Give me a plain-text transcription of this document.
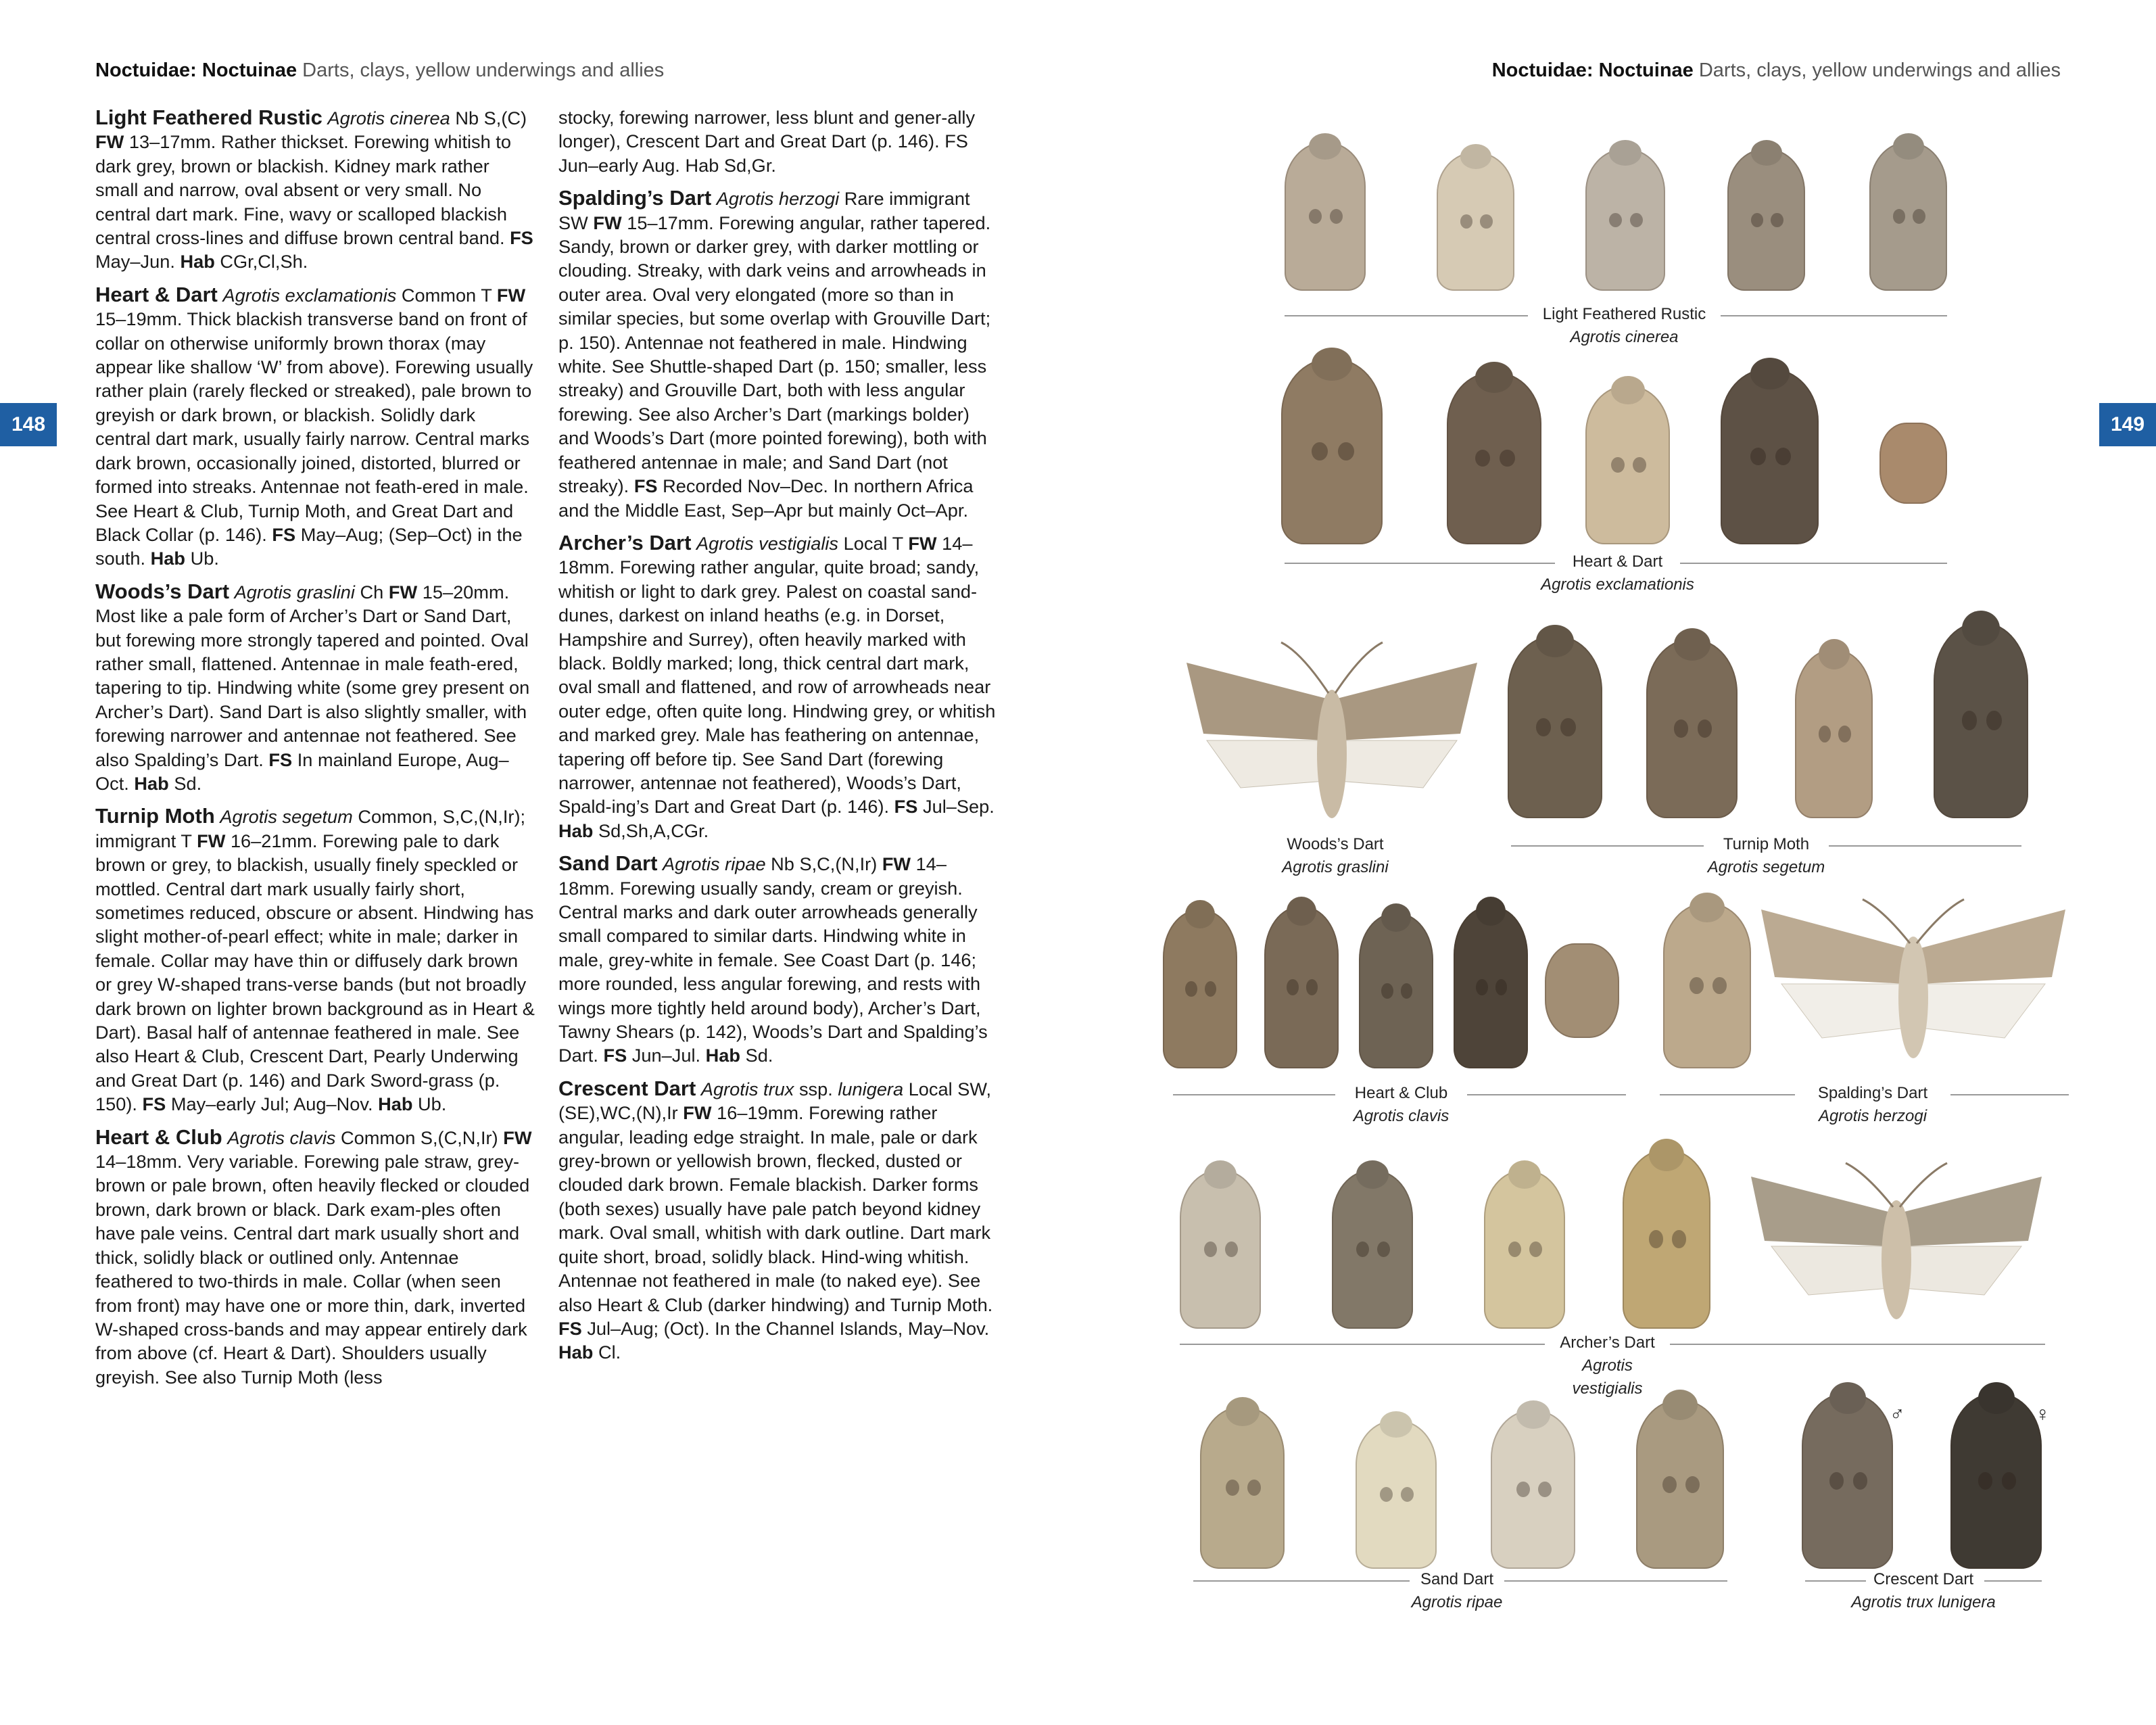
Noctuidae: Noctuinae Darts, clays, yellow underwings and allies	Noctuidae: Noctuinae Darts, clays, yellow underwings and allies
148	149

Light Feathered Rustic Agrotis cinerea Nb S,(C) FW 13–17mm. Rather thickset. Forewing whitish to dark grey, brown or blackish. Kidney mark rather small and narrow, oval absent or very small. No central dart mark. Fine, wavy or scalloped blackish central cross-lines and diffuse brown central band. FS May–Jun. Hab CGr,Cl,Sh.

Heart & Dart Agrotis exclamationis Common T FW 15–19mm. Thick blackish transverse band on front of collar on otherwise uniformly brown thorax (may appear like shallow ‘W’ from above). Forewing usually rather plain (rarely flecked or streaked), pale brown to greyish or dark brown, or blackish. Solidly dark central dart mark, usually fairly narrow. Central marks dark brown, occasionally joined, distorted, blurred or formed into streaks. Antennae not feath-ered in male. See Heart & Club, Turnip Moth, and Great Dart and Black Collar (p. 146). FS May–Aug; (Sep–Oct) in the south. Hab Ub.

Woods’s Dart Agrotis graslini Ch FW 15–20mm. Most like a pale form of Archer’s Dart or Sand Dart, but forewing more strongly tapered and pointed. Oval rather small, flattened. Antennae in male feath-ered, tapering to tip. Hindwing white (some grey present on Archer’s Dart). Sand Dart is also slightly smaller, with forewing narrower and antennae not feathered. See also Spalding’s Dart. FS In mainland Europe, Aug–Oct. Hab Sd.

Turnip Moth Agrotis segetum Common, S,C,(N,Ir); immigrant T FW 16–21mm. Forewing pale to dark brown or grey, to blackish, usually finely speckled or mottled. Central dart mark usually fairly short, sometimes reduced, obscure or absent. Hindwing has slight mother-of-pearl effect; white in male; darker in female. Collar may have thin or diffusely dark brown or grey W-shaped trans-verse bands (but not broadly dark brown on lighter brown background as in Heart & Dart). Basal half of antennae feathered in male. See also Heart & Club, Crescent Dart, Pearly Underwing and Great Dart (p. 146) and Dark Sword-grass (p. 150). FS May–early Jul; Aug–Nov. Hab Ub.

Heart & Club Agrotis clavis Common S,(C,N,Ir) FW 14–18mm. Very variable. Forewing pale straw, grey-brown or pale brown, often heavily flecked or clouded brown, dark brown or black. Dark exam-ples often have pale veins. Central dart mark usually short and thick, solidly black or outlined only. Antennae feathered to two-thirds in male. Collar (when seen from front) may have one or more thin, dark, inverted W-shaped cross-bands and may appear entirely dark from above (cf. Heart & Dart). Shoulders usually greyish. See also Turnip Moth (less

stocky, forewing narrower, less blunt and gener-ally longer), Crescent Dart and Great Dart (p. 146). FS Jun–early Aug. Hab Sd,Gr.

Spalding’s Dart Agrotis herzogi Rare immigrant SW FW 15–17mm. Forewing angular, rather tapered. Sandy, brown or darker grey, with darker mottling or clouding. Streaky, with dark veins and arrowheads in outer area. Oval very elongated (more so than in similar species, but some overlap with Grouville Dart; p. 150). Antennae not feathered in male. Hindwing white. See Shuttle-shaped Dart (p. 150; smaller, less streaky) and Grouville Dart, both with less angular forewing. See also Archer’s Dart (markings bolder) and Woods’s Dart (more pointed forewing), both with feathered antennae in male; and Sand Dart (not streaky). FS Recorded Nov–Dec. In northern Africa and the Middle East, Sep–Apr but mainly Oct–Apr.

Archer’s Dart Agrotis vestigialis Local T FW 14–18mm. Forewing rather angular, quite broad; sandy, whitish or light to dark grey. Palest on coastal sand-dunes, darkest on inland heaths (e.g. in Dorset, Hampshire and Surrey), often heavily marked with black. Boldly marked; long, thick central dart mark, oval small and flattened, and row of arrowheads near outer edge, often quite long. Hindwing grey, or whitish and marked grey. Male has feathering on antennae, tapering off before tip. See Sand Dart (forewing narrower, antennae not feathered), Woods’s Dart, Spald-ing’s Dart and Great Dart (p. 146). FS Jul–Sep. Hab Sd,Sh,A,CGr.

Sand Dart Agrotis ripae Nb S,C,(N,Ir) FW 14–18mm. Forewing usually sandy, cream or greyish. Central marks and dark outer arrowheads generally small compared to similar darts. Hindwing white in male, grey-white in female. See Coast Dart (p. 146; more rounded, less angular forewing, and rests with wings more tightly held around body), Archer’s Dart, Tawny Shears (p. 142), Woods’s Dart and Spalding’s Dart. FS Jun–Jul. Hab Sd.

Crescent Dart Agrotis trux ssp. lunigera Local SW,(SE),WC,(N),Ir FW 16–19mm. Forewing rather angular, leading edge straight. In male, pale or dark grey-brown or yellowish brown, flecked, dusted or clouded dark brown. Female blackish. Darker forms (both sexes) usually have pale patch beyond kidney mark. Oval small, whitish with dark outline. Dart mark quite short, broad, solidly black. Hind-wing whitish. Antennae not feathered in male (to naked eye). See also Heart & Club (darker hindwing) and Turnip Moth. FS Jul–Aug; (Oct). In the Channel Islands, May–Nov. Hab Cl.

Light Feathered Rustic
Agrotis cinerea
Heart & Dart
Agrotis exclamationis
Woods’s Dart
Agrotis graslini
Turnip Moth
Agrotis segetum
Heart & Club
Agrotis clavis
Spalding’s Dart
Agrotis herzogi
Archer’s Dart
Agrotis vestigialis
♂	♀
Sand Dart
Agrotis ripae
Crescent Dart
Agrotis trux lunigera
